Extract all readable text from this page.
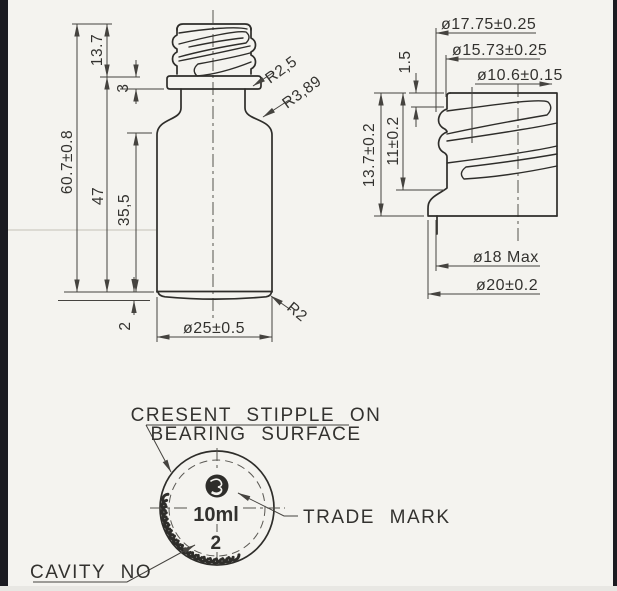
60.7±0.8
13.7
47
3
35,5
2	ø25±0.5
R2,5
R3,89
R2
ø17.75±0.25
ø15.73±0.25
ø10.6±0.15
1.5
13.7±0.2 11±0.2
ø18 Max
ø20±0.2
10ml
2
CRESENT STIPPLE ON
BEARING SURFACE
TRADE MARK
CAVITY NO
